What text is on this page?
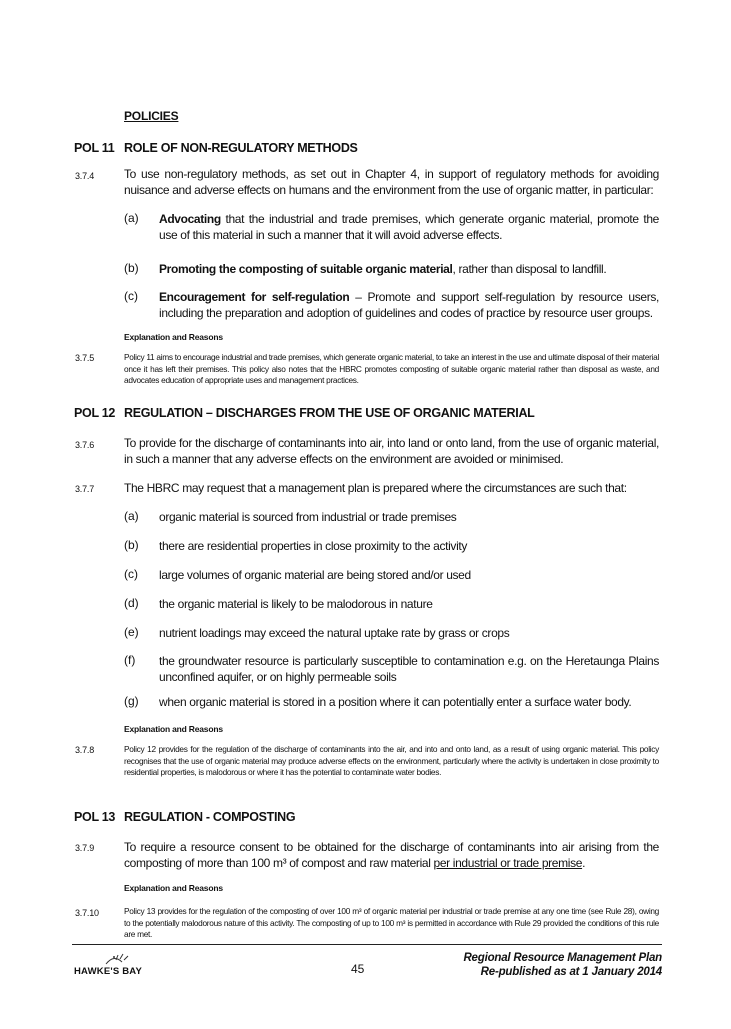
POLICIES
POL 11 ROLE OF NON-REGULATORY METHODS
3.7.4 To use non-regulatory methods, as set out in Chapter 4, in support of regulatory methods for avoiding nuisance and adverse effects on humans and the environment from the use of organic matter, in particular:
(a) Advocating that the industrial and trade premises, which generate organic material, promote the use of this material in such a manner that it will avoid adverse effects.
(b) Promoting the composting of suitable organic material, rather than disposal to landfill.
(c) Encouragement for self-regulation – Promote and support self-regulation by resource users, including the preparation and adoption of guidelines and codes of practice by resource user groups.
Explanation and Reasons
3.7.5	Policy 11 aims to encourage industrial and trade premises, which generate organic material, to take an interest in the use and ultimate disposal of their material once it has left their premises. This policy also notes that the HBRC promotes composting of suitable organic material rather than disposal as waste, and advocates education of appropriate uses and management practices.
POL 12 REGULATION – DISCHARGES FROM THE USE OF ORGANIC MATERIAL
3.7.6 To provide for the discharge of contaminants into air, into land or onto land, from the use of organic material, in such a manner that any adverse effects on the environment are avoided or minimised.
3.7.7 The HBRC may request that a management plan is prepared where the circumstances are such that:
(a) organic material is sourced from industrial or trade premises
(b) there are residential properties in close proximity to the activity
(c) large volumes of organic material are being stored and/or used
(d) the organic material is likely to be malodorous in nature
(e) nutrient loadings may exceed the natural uptake rate by grass or crops
(f) the groundwater resource is particularly susceptible to contamination e.g. on the Heretaunga Plains unconfined aquifer, or on highly permeable soils
(g) when organic material is stored in a position where it can potentially enter a surface water body.
Explanation and Reasons
3.7.8	Policy 12 provides for the regulation of the discharge of contaminants into the air, and into and onto land, as a result of using organic material. This policy recognises that the use of organic material may produce adverse effects on the environment, particularly where the activity is undertaken in close proximity to residential properties, is malodorous or where it has the potential to contaminate water bodies.
POL 13 REGULATION - COMPOSTING
3.7.9 To require a resource consent to be obtained for the discharge of contaminants into air arising from the composting of more than 100 m³ of compost and raw material per industrial or trade premise.
Explanation and Reasons
3.7.10	Policy 13 provides for the regulation of the composting of over 100 m³ of organic material per industrial or trade premise at any one time (see Rule 28), owing to the potentially malodorous nature of this activity. The composting of up to 100 m³ is permitted in accordance with Rule 29 provided the conditions of this rule are met.
HAWKE'S BAY	45
Regional Resource Management Plan
Re-published as at 1 January 2014
